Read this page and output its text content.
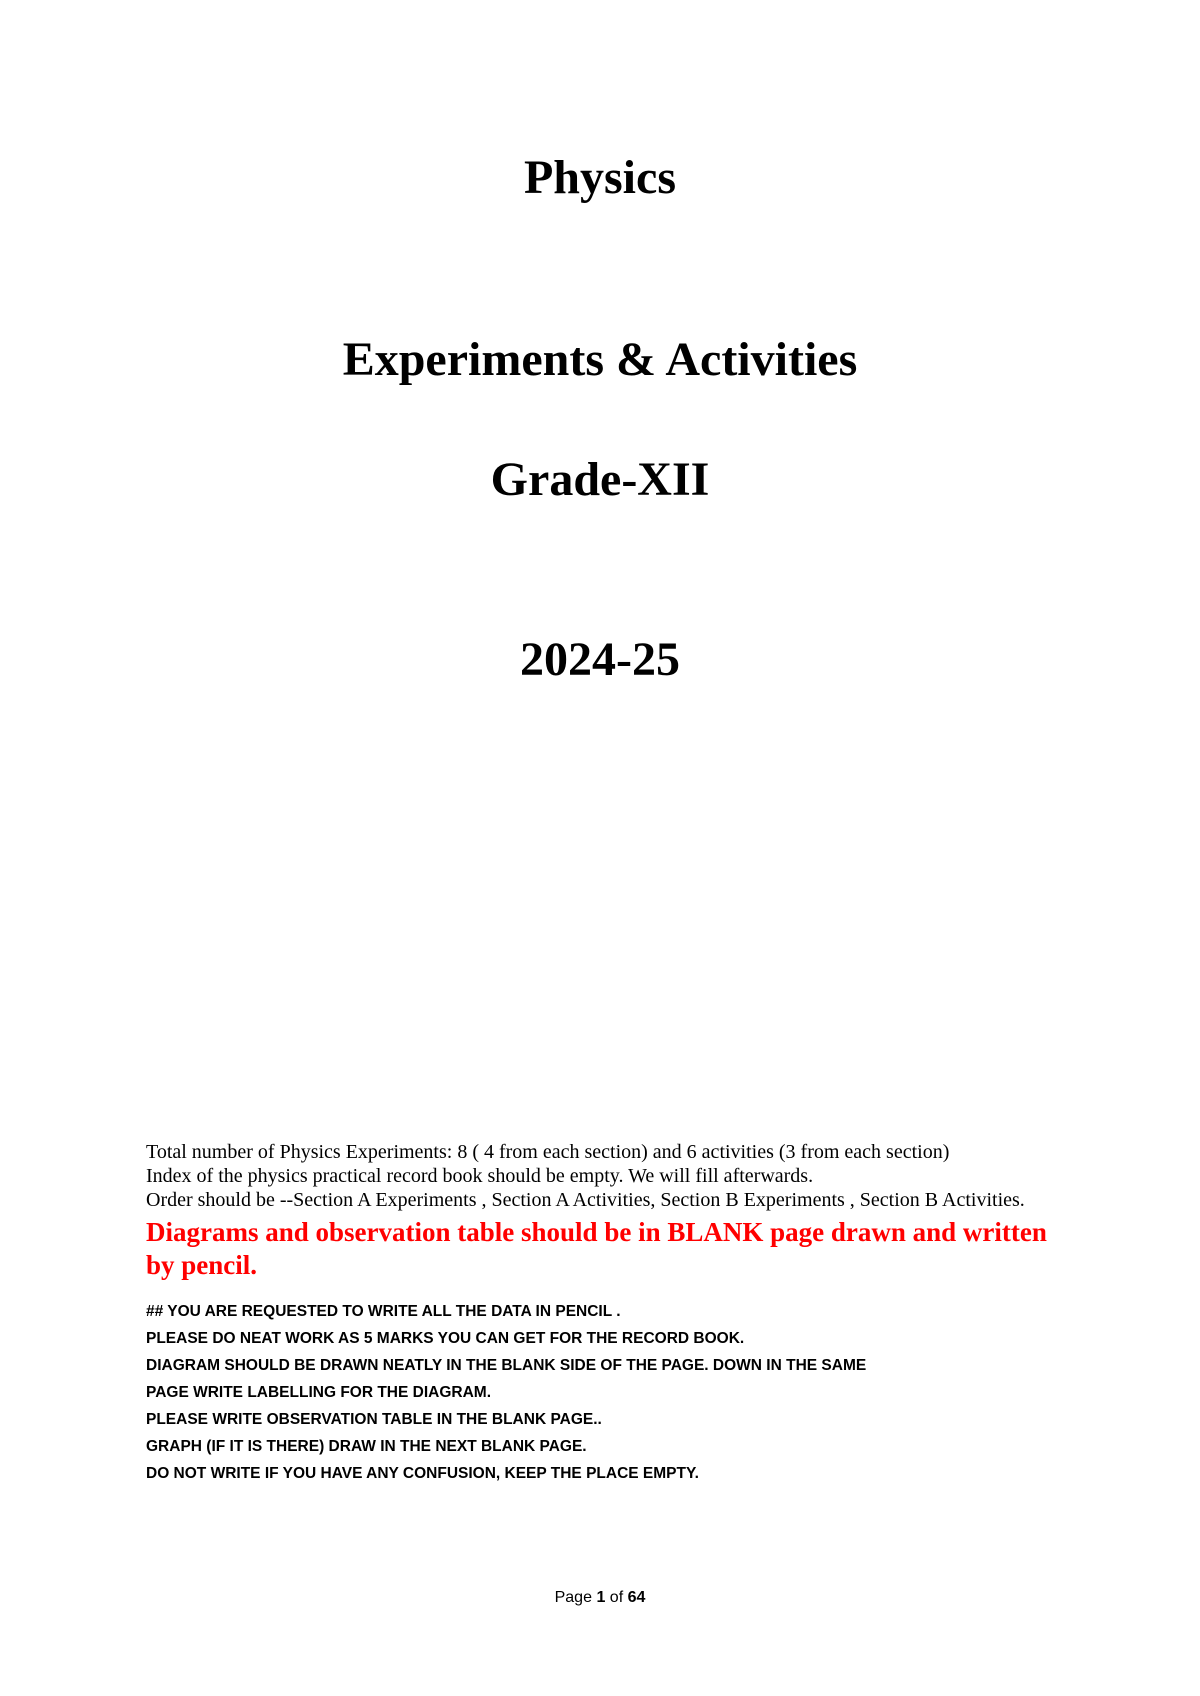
Physics
Experiments & Activities
Grade-XII
2024-25

Total number of Physics Experiments: 8 ( 4 from each section) and 6 activities (3 from each section)

Index of the physics practical record book should be empty. We will fill afterwards.

Order should be --Section A Experiments , Section A Activities, Section B Experiments , Section B Activities.

Diagrams and observation table should be in BLANK page drawn and written by pencil.

## YOU ARE REQUESTED TO WRITE ALL THE DATA IN PENCIL .

PLEASE DO NEAT WORK AS 5 MARKS YOU CAN GET FOR THE RECORD BOOK.

DIAGRAM SHOULD BE DRAWN NEATLY IN THE BLANK SIDE OF THE PAGE. DOWN IN THE SAME

PAGE WRITE LABELLING FOR THE DIAGRAM.

PLEASE WRITE OBSERVATION TABLE IN THE BLANK PAGE..

GRAPH (IF IT IS THERE) DRAW IN THE NEXT BLANK PAGE.

DO NOT WRITE IF YOU HAVE ANY CONFUSION, KEEP THE PLACE EMPTY.

Page 1 of 64
